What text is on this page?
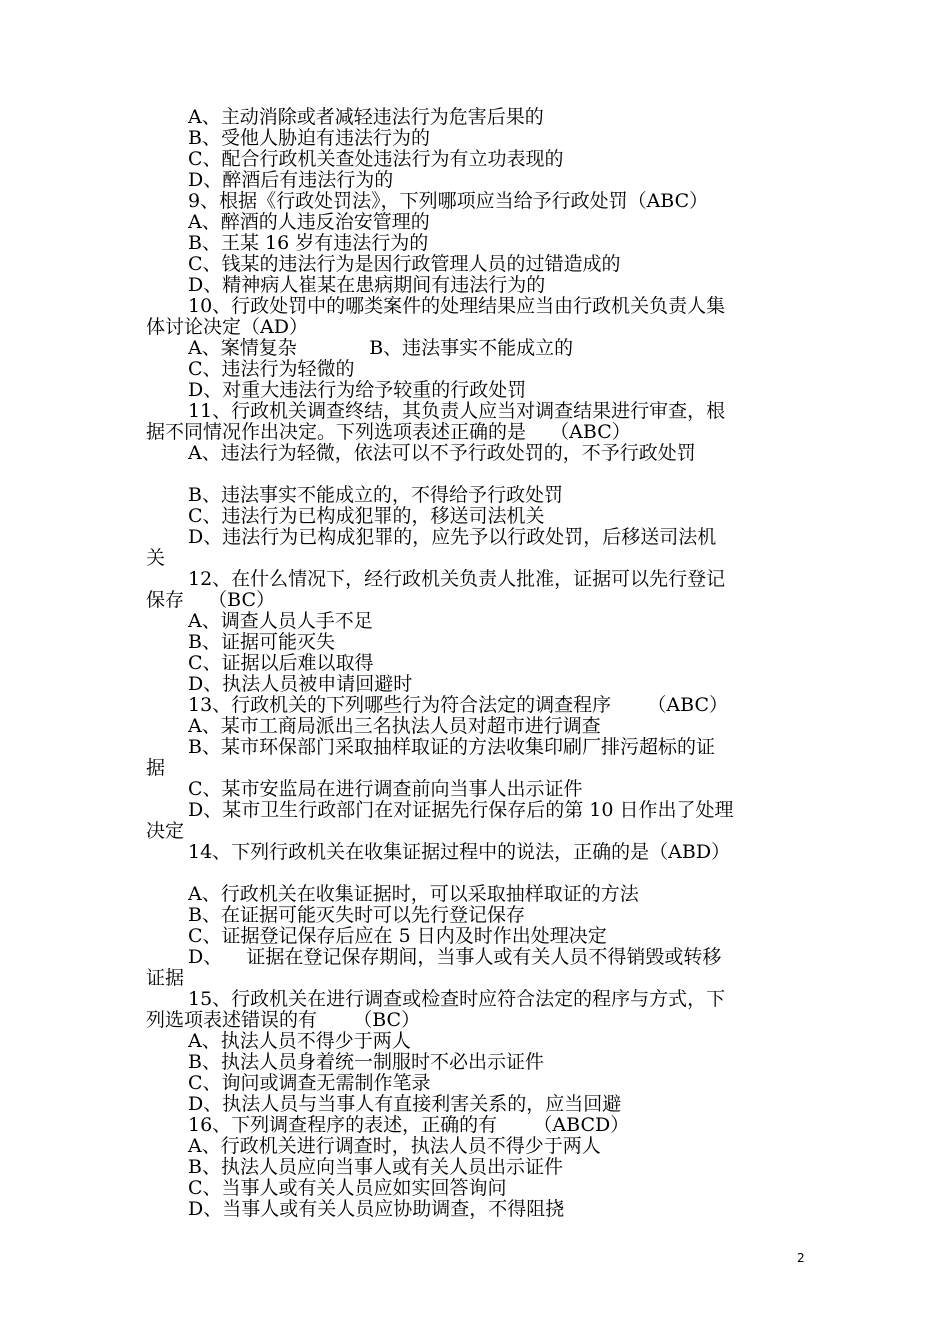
A、主动消除或者减轻违法行为危害后果的
B、受他人胁迫有违法行为的
C、配合行政机关查处违法行为有立功表现的
D、醉酒后有违法行为的
9、根据《行政处罚法》，下列哪项应当给予行政处罚（ABC）
A、醉酒的人违反治安管理的
B、王某 16 岁有违法行为的
C、钱某的违法行为是因行政管理人员的过错造成的
D、精神病人崔某在患病期间有违法行为的
10、行政处罚中的哪类案件的处理结果应当由行政机关负责人集
体讨论决定（AD）
A、案情复杂            B、违法事实不能成立的
C、违法行为轻微的
D、对重大违法行为给予较重的行政处罚
11、行政机关调查终结，其负责人应当对调查结果进行审查，根
据不同情况作出决定。下列选项表述正确的是    （ABC）
A、违法行为轻微，依法可以不予行政处罚的，不予行政处罚
B、违法事实不能成立的，不得给予行政处罚
C、违法行为已构成犯罪的，移送司法机关
D、违法行为已构成犯罪的，应先予以行政处罚，后移送司法机
关
12、在什么情况下，经行政机关负责人批准，证据可以先行登记
保存    （BC）
A、调查人员人手不足
B、证据可能灭失
C、证据以后难以取得
D、执法人员被申请回避时
13、行政机关的下列哪些行为符合法定的调查程序      （ABC）
A、某市工商局派出三名执法人员对超市进行调查
B、某市环保部门采取抽样取证的方法收集印刷厂排污超标的证
据
C、某市安监局在进行调查前向当事人出示证件
D、某市卫生行政部门在对证据先行保存后的第 10 日作出了处理
决定
14、下列行政机关在收集证据过程中的说法，正确的是（ABD）
A、行政机关在收集证据时，可以采取抽样取证的方法
B、在证据可能灭失时可以先行登记保存
C、证据登记保存后应在 5 日内及时作出处理决定
D、    证据在登记保存期间，当事人或有关人员不得销毁或转移
证据
15、行政机关在进行调查或检查时应符合法定的程序与方式，下
列选项表述错误的有      （BC）
A、执法人员不得少于两人
B、执法人员身着统一制服时不必出示证件
C、询问或调查无需制作笔录
D、执法人员与当事人有直接利害关系的，应当回避
16、下列调查程序的表述，正确的有      （ABCD）
A、行政机关进行调查时，执法人员不得少于两人
B、执法人员应向当事人或有关人员出示证件
C、当事人或有关人员应如实回答询问
D、当事人或有关人员应协助调查，不得阻挠
2
